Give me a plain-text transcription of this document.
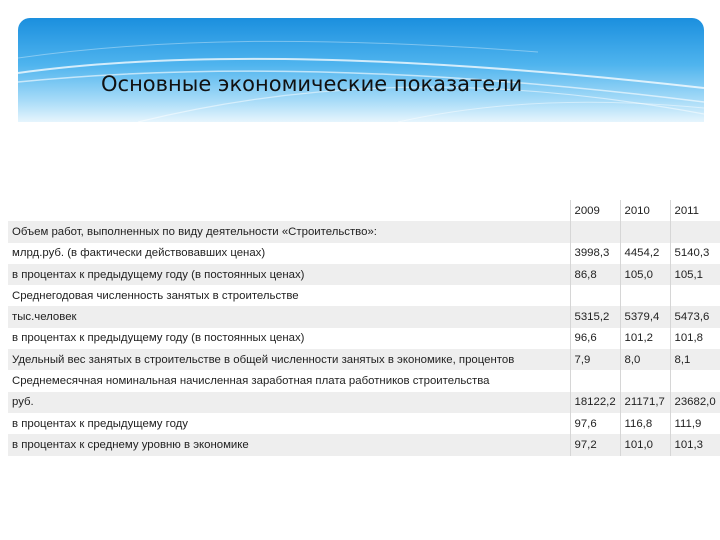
Основные экономические показатели
	2009	2010	2011
Объем работ, выполненных по виду деятельности «Строительство»:			
млрд.руб. (в фактически действовавших ценах)	3998,3	4454,2	5140,3
в процентах к предыдущему году (в постоянных ценах)	86,8	105,0	105,1
Среднегодовая численность занятых в строительстве			
тыс.человек	5315,2	5379,4	5473,6
в процентах к предыдущему году (в постоянных ценах)	96,6	101,2	101,8
Удельный вес занятых в строительстве в общей численности занятых в экономике, процентов	7,9	8,0	8,1
Среднемесячная номинальная начисленная заработная плата работников строительства			
руб.	18122,2	21171,7	23682,0
в процентах к предыдущему году	97,6	116,8	111,9
в процентах к среднему уровню в экономике	97,2	101,0	101,3
